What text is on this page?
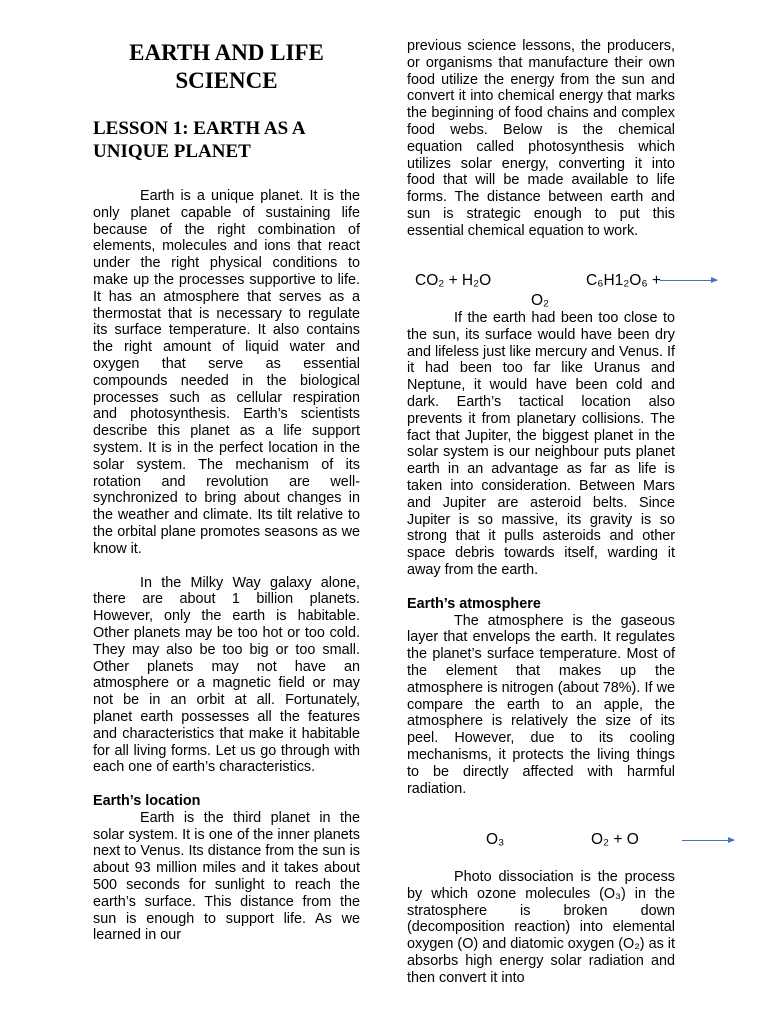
EARTH AND LIFE SCIENCE
LESSON 1: EARTH AS A UNIQUE PLANET

Earth is a unique planet. It is the only planet capable of sustaining life because of the right combination of elements, molecules and ions that react under the right physical conditions to make up the processes supportive to life. It has an atmosphere that serves as a thermostat that is necessary to regulate its surface temperature. It also contains the right amount of liquid water and oxygen that serve as essential compounds needed in the biological processes such as cellular respiration and photosynthesis. Earth’s scientists describe this planet as a life support system. It is in the perfect location in the solar system. The mechanism of its rotation and revolution are well-synchronized to bring about changes in the weather and climate. Its tilt relative to the orbital plane promotes seasons as we know it.

In the Milky Way galaxy alone, there are about 1 billion planets. However, only the earth is habitable. Other planets may be too hot or too cold. They may also be too big or too small. Other planets may not have an atmosphere or a magnetic field or may not be in an orbit at all. Fortunately, planet earth possesses all the features and characteristics that make it habitable for all living forms. Let us go through with each one of earth’s characteristics.

Earth’s location

Earth is the third planet in the solar system. It is one of the inner planets next to Venus. Its distance from the sun is about 93 million miles and it takes about 500 seconds for sunlight to reach the earth’s surface. This distance from the sun is enough to support life. As we learned in our

previous science lessons, the producers, or organisms that manufacture their own food utilize the energy from the sun and convert it into chemical energy that marks the beginning of food chains and complex food webs. Below is the chemical equation called photosynthesis which utilizes solar energy, converting it into food that will be made available to life forms. The distance between earth and sun is strategic enough to put this essential chemical equation to work.

CO₂ + H₂O	C₆H1₂O₆ + →
O₂

If the earth had been too close to the sun, its surface would have been dry and lifeless just like mercury and Venus. If it had been too far like Uranus and Neptune, it would have been cold and dark. Earth’s tactical location also prevents it from planetary collisions. The fact that Jupiter, the biggest planet in the solar system is our neighbour puts planet earth in an advantage as far as life is taken into consideration. Between Mars and Jupiter are asteroid belts. Since Jupiter is so massive, its gravity is so strong that it pulls asteroids and other space debris towards itself, warding it away from the earth.

Earth’s atmosphere

The atmosphere is the gaseous layer that envelops the earth. It regulates the planet’s surface temperature. Most of the element that makes up the atmosphere is nitrogen (about 78%). If we compare the earth to an apple, the atmosphere is relatively the size of its peel. However, due to its cooling mechanisms, it protects the living things to be directly affected with harmful radiation.

O₃	O₂ + O

Photo dissociation is the process by which ozone molecules (O₃) in the stratosphere is broken down (decomposition reaction) into elemental oxygen (O) and diatomic oxygen (O₂) as it absorbs high energy solar radiation and then convert it into
